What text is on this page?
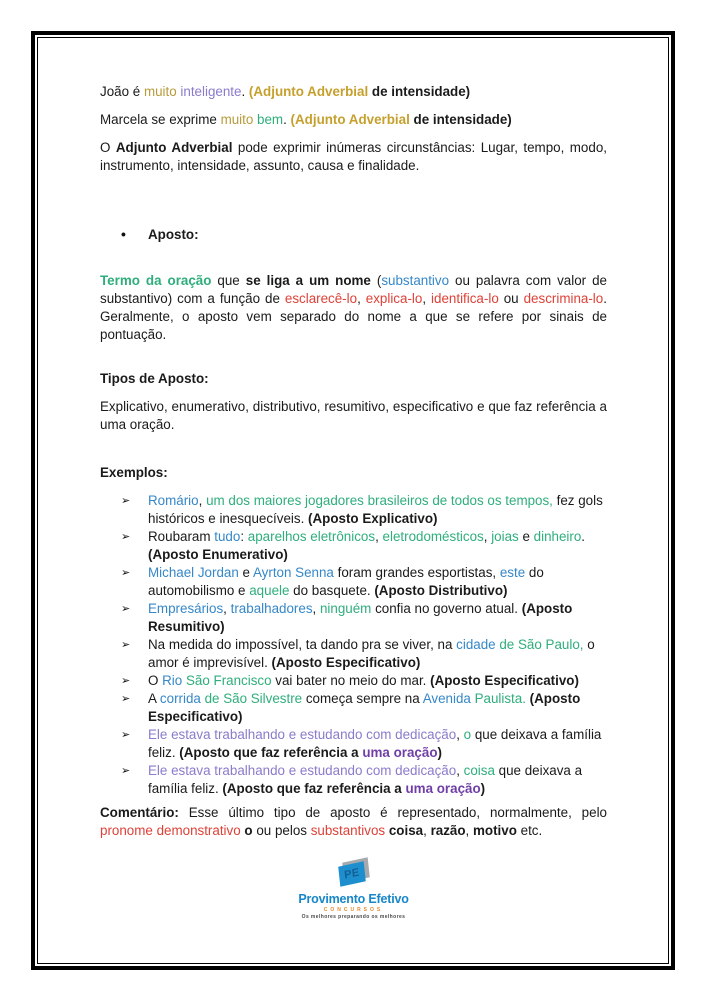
João é muito inteligente. (Adjunto Adverbial de intensidade)

Marcela se exprime muito bem. (Adjunto Adverbial de intensidade)

O Adjunto Adverbial pode exprimir inúmeras circunstâncias: Lugar, tempo, modo, instrumento, intensidade, assunto, causa e finalidade.

• Aposto:

Termo da oração que se liga a um nome (substantivo ou palavra com valor de substantivo) com a função de esclarecê-lo, explica-lo, identifica-lo ou descrimina-lo. Geralmente, o aposto vem separado do nome a que se refere por sinais de pontuação.

Tipos de Aposto:

Explicativo, enumerativo, distributivo, resumitivo, especificativo e que faz referência a uma oração.

Exemplos:

➢ Romário, um dos maiores jogadores brasileiros de todos os tempos, fez gols históricos e inesquecíveis. (Aposto Explicativo)
➢ Roubaram tudo: aparelhos eletrônicos, eletrodomésticos, joias e dinheiro. (Aposto Enumerativo)
➢ Michael Jordan e Ayrton Senna foram grandes esportistas, este do automobilismo e aquele do basquete. (Aposto Distributivo)
➢ Empresários, trabalhadores, ninguém confia no governo atual. (Aposto Resumitivo)
➢ Na medida do impossível, ta dando pra se viver, na cidade de São Paulo, o amor é imprevisível. (Aposto Especificativo)
➢ O Rio São Francisco vai bater no meio do mar. (Aposto Especificativo)
➢ A corrida de São Silvestre começa sempre na Avenida Paulista. (Aposto Especificativo)
➢ Ele estava trabalhando e estudando com dedicação, o que deixava a família feliz. (Aposto que faz referência a uma oração)
➢ Ele estava trabalhando e estudando com dedicação, coisa que deixava a família feliz. (Aposto que faz referência a uma oração)

Comentário: Esse último tipo de aposto é representado, normalmente, pelo pronome demonstrativo o ou pelos substantivos coisa, razão, motivo etc.

PE
Provimento Efetivo
CONCURSOS
Os melhores preparando os melhores
